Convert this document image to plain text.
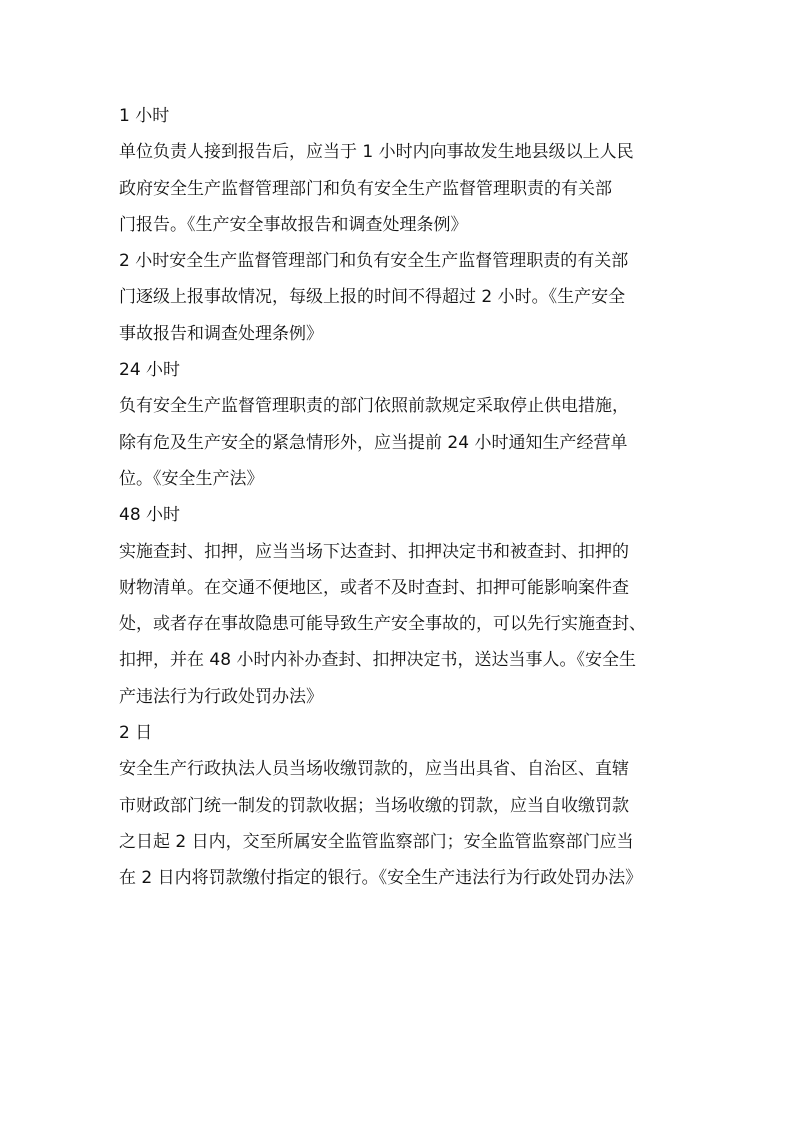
1 小时
单位负责人接到报告后，应当于 1 小时内向事故发生地县级以上人民
政府安全生产监督管理部门和负有安全生产监督管理职责的有关部
门报告。《生产安全事故报告和调查处理条例》
2 小时安全生产监督管理部门和负有安全生产监督管理职责的有关部
门逐级上报事故情况，每级上报的时间不得超过 2 小时。《生产安全
事故报告和调查处理条例》
24 小时
负有安全生产监督管理职责的部门依照前款规定采取停止供电措施，
除有危及生产安全的紧急情形外，应当提前 24 小时通知生产经营单
位。《安全生产法》
48 小时
实施查封、扣押，应当当场下达查封、扣押决定书和被查封、扣押的
财物清单。在交通不便地区，或者不及时查封、扣押可能影响案件查
处，或者存在事故隐患可能导致生产安全事故的，可以先行实施查封、
扣押，并在 48 小时内补办查封、扣押决定书，送达当事人。《安全生
产违法行为行政处罚办法》
2 日
安全生产行政执法人员当场收缴罚款的，应当出具省、自治区、直辖
市财政部门统一制发的罚款收据；当场收缴的罚款，应当自收缴罚款
之日起 2 日内，交至所属安全监管监察部门；安全监管监察部门应当
在 2 日内将罚款缴付指定的银行。《安全生产违法行为行政处罚办法》
